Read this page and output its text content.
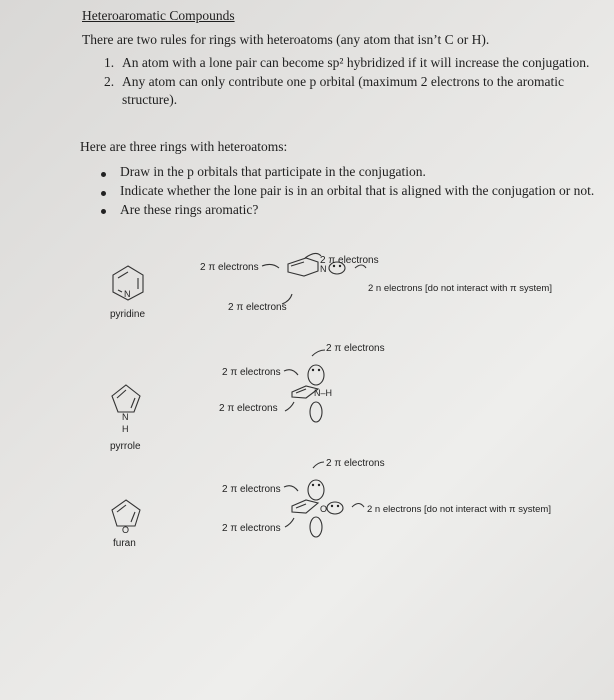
Heteroaromatic Compounds
There are two rules for rings with heteroatoms (any atom that isn’t C or H).
1. An atom with a lone pair can become sp² hybridized if it will increase the conjugation.
2. Any atom can only contribute one p orbital (maximum 2 electrons to the aromatic
structure).
Here are three rings with heteroatoms:
Draw in the p orbitals that participate in the conjugation.
Indicate whether the lone pair is in an orbital that is aligned with the conjugation or not.
Are these rings aromatic?
N
N
H
O
pyridine
pyrrole
furan
N
N–H
O
2 π electrons
2 π electrons
2 π electrons
2 n electrons [do not interact with π system]
2 π electrons
2 π electrons
2 π electrons
2 π electrons
2 π electrons
2 n electrons [do not interact with π system]
2 π electrons
